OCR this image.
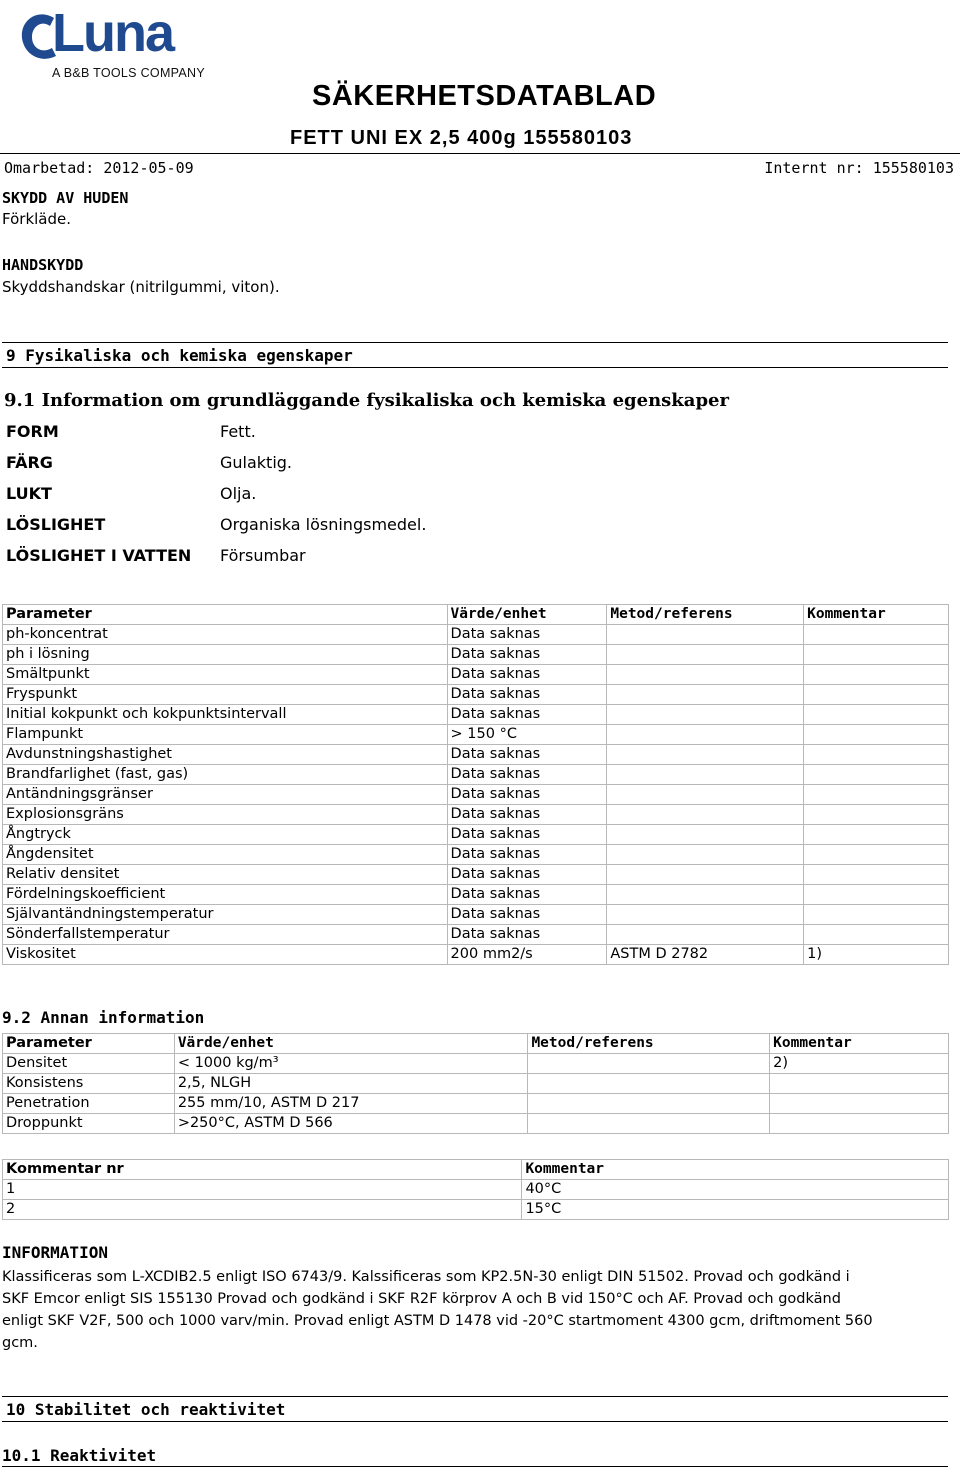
Luna
A B&B TOOLS COMPANY
SÄKERHETSDATABLAD
FETT UNI EX 2,5 400g 155580103
Omarbetad: 2012-05-09	Internt nr: 155580103
SKYDD AV HUDEN
Förkläde.
HANDSKYDD
Skyddshandskar (nitrilgummi, viton).
9 Fysikaliska och kemiska egenskaper
9.1 Information om grundläggande fysikaliska och kemiska egenskaper
FORM	Fett.
FÄRG	Gulaktig.
LUKT	Olja.
LÖSLIGHET	Organiska lösningsmedel.
LÖSLIGHET I VATTEN	Försumbar
Parameter	Värde/enhet	Metod/referens	Kommentar
ph-koncentrat	Data saknas		
ph i lösning	Data saknas		
Smältpunkt	Data saknas		
Fryspunkt	Data saknas		
Initial kokpunkt och kokpunktsintervall	Data saknas		
Flampunkt	> 150 °C		
Avdunstningshastighet	Data saknas		
Brandfarlighet (fast, gas)	Data saknas		
Antändningsgränser	Data saknas		
Explosionsgräns	Data saknas		
Ångtryck	Data saknas		
Ångdensitet	Data saknas		
Relativ densitet	Data saknas		
Fördelningskoefficient	Data saknas		
Självantändningstemperatur	Data saknas		
Sönderfallstemperatur	Data saknas		
Viskositet	200 mm2/s	ASTM D 2782	1)
9.2 Annan information
Parameter	Värde/enhet	Metod/referens	Kommentar
Densitet	< 1000 kg/m³		2)
Konsistens	2,5, NLGH		
Penetration	255 mm/10, ASTM D 217		
Droppunkt	>250°C, ASTM D 566		
Kommentar nr	Kommentar
1	40°C
2	15°C
INFORMATION
Klassificeras som L-XCDIB2.5 enligt ISO 6743/9. Kalssificeras som KP2.5N-30 enligt DIN 51502. Provad och godkänd i
SKF Emcor enligt SIS 155130 Provad och godkänd i SKF R2F körprov A och B vid 150°C och AF. Provad och godkänd
enligt SKF V2F, 500 och 1000 varv/min. Provad enligt ASTM D 1478 vid -20°C startmoment 4300 gcm, driftmoment 560
gcm.
10 Stabilitet och reaktivitet
10.1 Reaktivitet
